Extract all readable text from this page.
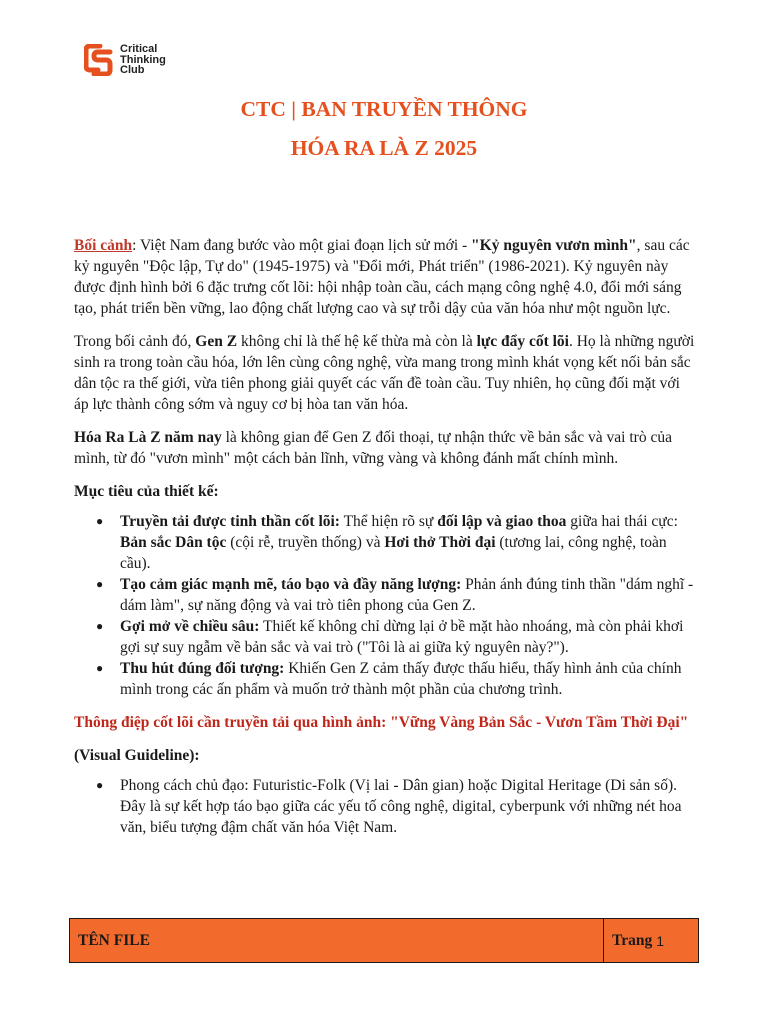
Critical
Thinking
Club
CTC | BAN TRUYỀN THÔNG
HÓA RA LÀ Z 2025

Bối cảnh: Việt Nam đang bước vào một giai đoạn lịch sử mới - "Kỷ nguyên vươn mình", sau các kỷ nguyên "Độc lập, Tự do" (1945-1975) và "Đổi mới, Phát triển" (1986-2021). Kỷ nguyên này được định hình bởi 6 đặc trưng cốt lõi: hội nhập toàn cầu, cách mạng công nghệ 4.0, đổi mới sáng tạo, phát triển bền vững, lao động chất lượng cao và sự trỗi dậy của văn hóa như một nguồn lực.

Trong bối cảnh đó, Gen Z không chỉ là thế hệ kế thừa mà còn là lực đẩy cốt lõi. Họ là những người sinh ra trong toàn cầu hóa, lớn lên cùng công nghệ, vừa mang trong mình khát vọng kết nối bản sắc dân tộc ra thế giới, vừa tiên phong giải quyết các vấn đề toàn cầu. Tuy nhiên, họ cũng đối mặt với áp lực thành công sớm và nguy cơ bị hòa tan văn hóa.

Hóa Ra Là Z năm nay là không gian để Gen Z đối thoại, tự nhận thức về bản sắc và vai trò của mình, từ đó "vươn mình" một cách bản lĩnh, vững vàng và không đánh mất chính mình.

Mục tiêu của thiết kế:

● Truyền tải được tinh thần cốt lõi: Thể hiện rõ sự đối lập và giao thoa giữa hai thái cực: Bản sắc Dân tộc (cội rễ, truyền thống) và Hơi thở Thời đại (tương lai, công nghệ, toàn cầu).
● Tạo cảm giác mạnh mẽ, táo bạo và đầy năng lượng: Phản ánh đúng tinh thần "dám nghĩ - dám làm", sự năng động và vai trò tiên phong của Gen Z.
● Gợi mở về chiều sâu: Thiết kế không chỉ dừng lại ở bề mặt hào nhoáng, mà còn phải khơi gợi sự suy ngẫm về bản sắc và vai trò ("Tôi là ai giữa kỷ nguyên này?").
● Thu hút đúng đối tượng: Khiến Gen Z cảm thấy được thấu hiểu, thấy hình ảnh của chính mình trong các ấn phẩm và muốn trở thành một phần của chương trình.

Thông điệp cốt lõi cần truyền tải qua hình ảnh: "Vững Vàng Bản Sắc - Vươn Tầm Thời Đại"

(Visual Guideline):

● Phong cách chủ đạo: Futuristic-Folk (Vị lai - Dân gian) hoặc Digital Heritage (Di sản số). Đây là sự kết hợp táo bạo giữa các yếu tố công nghệ, digital, cyberpunk với những nét hoa văn, biểu tượng đậm chất văn hóa Việt Nam.
TÊN FILE	Trang 1
